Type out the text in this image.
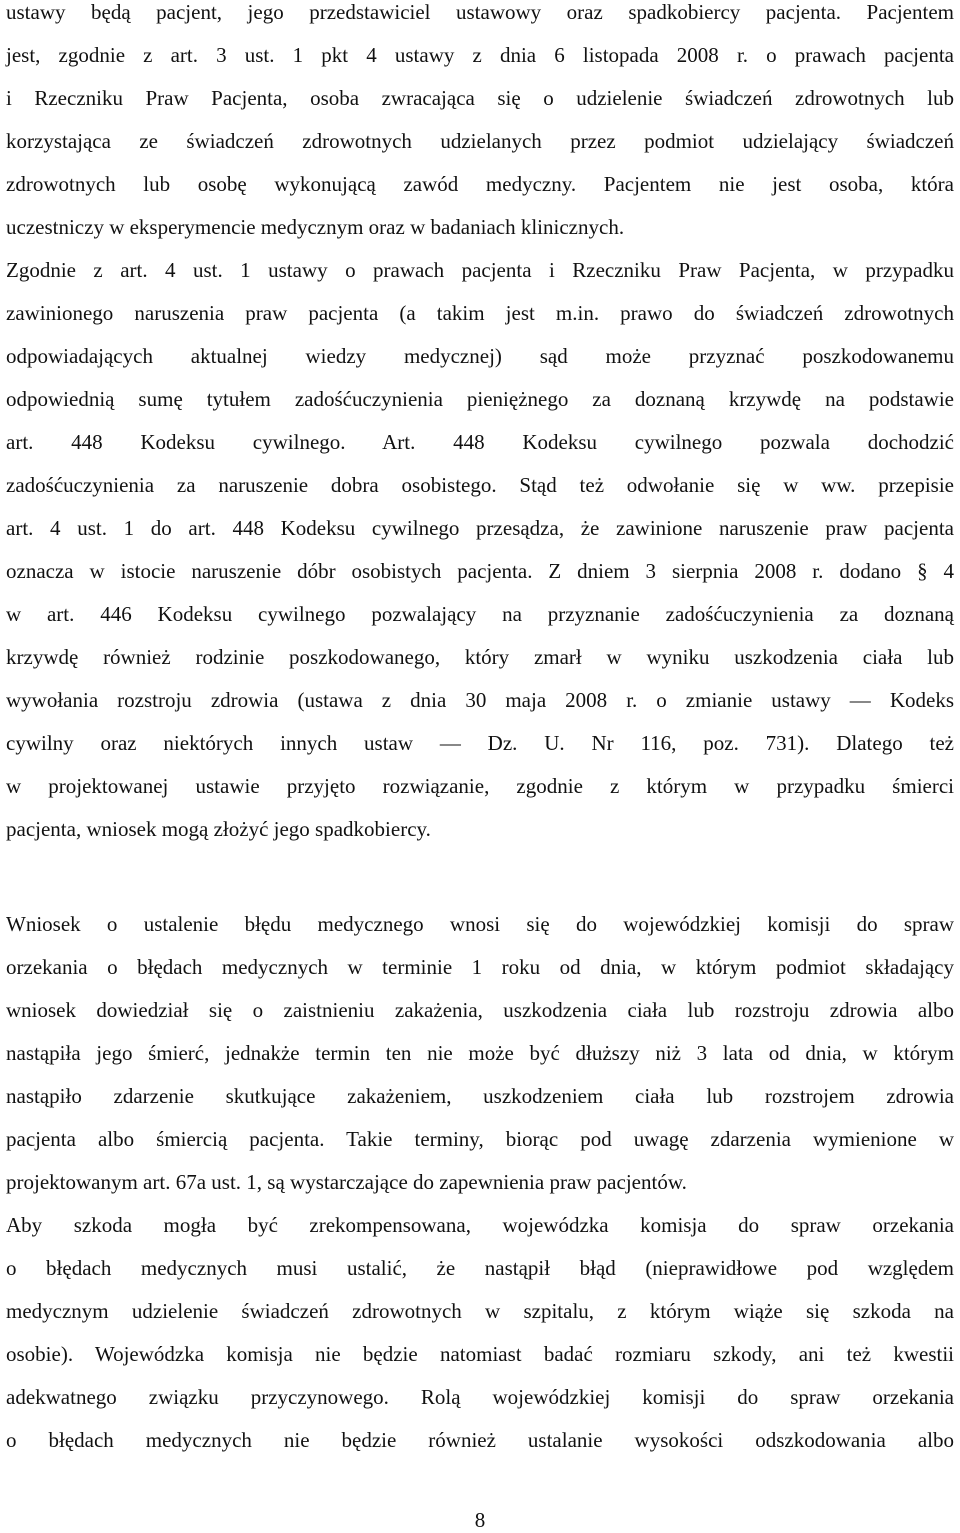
ustawy będą pacjent, jego przedstawiciel ustawowy oraz spadkobiercy pacjenta. Pacjentem
jest, zgodnie z art. 3 ust. 1 pkt 4 ustawy z dnia 6 listopada 2008 r. o prawach pacjenta
i Rzeczniku Praw Pacjenta, osoba zwracająca się o udzielenie świadczeń zdrowotnych lub
korzystająca ze świadczeń zdrowotnych udzielanych przez podmiot udzielający świadczeń
zdrowotnych lub osobę wykonującą zawód medyczny. Pacjentem nie jest osoba, która
uczestniczy w eksperymencie medycznym oraz w badaniach klinicznych.
Zgodnie z art. 4 ust. 1 ustawy o prawach pacjenta i Rzeczniku Praw Pacjenta, w przypadku
zawinionego naruszenia praw pacjenta (a takim jest m.in. prawo do świadczeń zdrowotnych
odpowiadających aktualnej wiedzy medycznej) sąd może przyznać poszkodowanemu
odpowiednią sumę tytułem zadośćuczynienia pieniężnego za doznaną krzywdę na podstawie
art. 448 Kodeksu cywilnego. Art. 448 Kodeksu cywilnego pozwala dochodzić
zadośćuczynienia za naruszenie dobra osobistego. Stąd też odwołanie się w ww. przepisie
art. 4 ust. 1 do art. 448 Kodeksu cywilnego przesądza, że zawinione naruszenie praw pacjenta
oznacza w istocie naruszenie dóbr osobistych pacjenta. Z dniem 3 sierpnia 2008 r. dodano § 4
w art. 446 Kodeksu cywilnego pozwalający na przyznanie zadośćuczynienia za doznaną
krzywdę również rodzinie poszkodowanego, który zmarł w wyniku uszkodzenia ciała lub
wywołania rozstroju zdrowia (ustawa z dnia 30 maja 2008 r. o zmianie ustawy — Kodeks
cywilny oraz niektórych innych ustaw — Dz. U. Nr 116, poz. 731). Dlatego też
w projektowanej ustawie przyjęto rozwiązanie, zgodnie z którym w przypadku śmierci
pacjenta, wniosek mogą złożyć jego spadkobiercy.
Wniosek o ustalenie błędu medycznego wnosi się do wojewódzkiej komisji do spraw
orzekania o błędach medycznych w terminie 1 roku od dnia, w którym podmiot składający
wniosek dowiedział się o zaistnieniu zakażenia, uszkodzenia ciała lub rozstroju zdrowia albo
nastąpiła jego śmierć, jednakże termin ten nie może być dłuższy niż 3 lata od dnia, w którym
nastąpiło zdarzenie skutkujące zakażeniem, uszkodzeniem ciała lub rozstrojem zdrowia
pacjenta albo śmiercią pacjenta. Takie terminy, biorąc pod uwagę zdarzenia wymienione w
projektowanym art. 67a ust. 1, są wystarczające do zapewnienia praw pacjentów.
Aby szkoda mogła być zrekompensowana, wojewódzka komisja do spraw orzekania
o błędach medycznych musi ustalić, że nastąpił błąd (nieprawidłowe pod względem
medycznym udzielenie świadczeń zdrowotnych w szpitalu, z którym wiąże się szkoda na
osobie). Wojewódzka komisja nie będzie natomiast badać rozmiaru szkody, ani też kwestii
adekwatnego związku przyczynowego. Rolą wojewódzkiej komisji do spraw orzekania
o błędach medycznych nie będzie również ustalanie wysokości odszkodowania albo
8
